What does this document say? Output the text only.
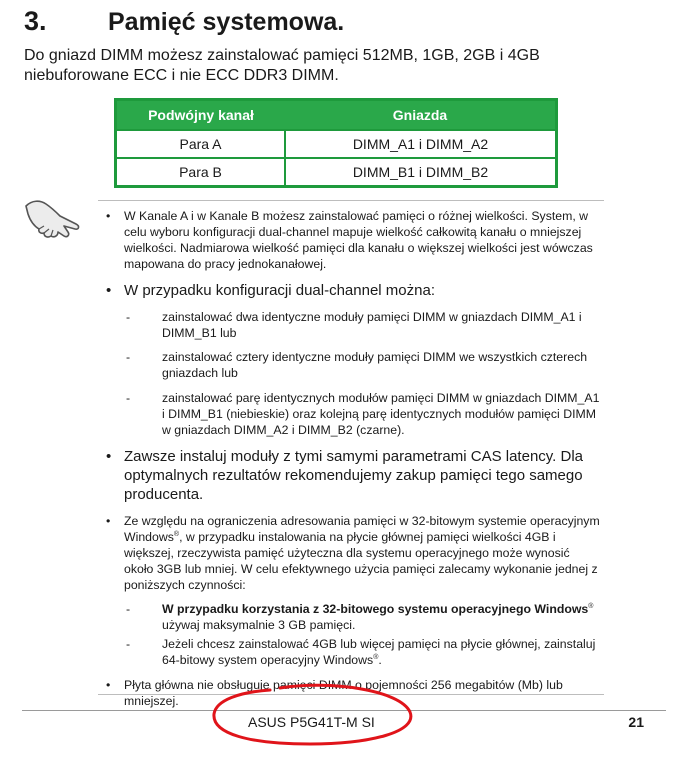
3.	Pamięć systemowa.
Do gniazd DIMM możesz zainstalować pamięci 512MB, 1GB, 2GB i 4GB niebuforowane ECC i nie ECC DDR3 DIMM.
Podwójny kanał	Gniazda
Para A	DIMM_A1 i DIMM_A2
Para B	DIMM_B1 i DIMM_B2
• W Kanale A i w Kanale B możesz zainstalować pamięci o różnej wielkości. System, w celu wyboru konfiguracji dual-channel mapuje wielkość całkowitą kanału o mniejszej wielkości. Nadmiarowa wielkość pamięci dla kanału o większej wielkości jest wówczas mapowana do pracy jednokanałowej.
• W przypadku konfiguracji dual-channel można:
-	zainstalować dwa identyczne moduły pamięci DIMM w gniazdach DIMM_A1 i DIMM_B1 lub
-	zainstalować cztery identyczne moduły pamięci DIMM we wszystkich czterech gniazdach lub
-	zainstalować parę identycznych modułów pamięci DIMM w gniazdach DIMM_A1 i DIMM_B1 (niebieskie) oraz kolejną parę identycznych modułów pamięci DIMM w gniazdach DIMM_A2 i DIMM_B2 (czarne).
• Zawsze instaluj moduły z tymi samymi parametrami CAS latency. Dla optymalnych rezultatów rekomendujemy zakup pamięci tego samego producenta.
• Ze względu na ograniczenia adresowania pamięci w 32-bitowym systemie operacyjnym Windows®, w przypadku instalowania na płycie głównej pamięci wielkości 4GB i większej, rzeczywista pamięć użyteczna dla systemu operacyjnego może wynosić około 3GB lub mniej. W celu efektywnego użycia pamięci zalecamy wykonanie jednej z poniższych czynności:
-	W przypadku korzystania z 32-bitowego systemu operacyjnego Windows® używaj maksymalnie 3 GB pamięci.
-	Jeżeli chcesz zainstalować 4GB lub więcej pamięci na płycie głównej, zainstaluj 64-bitowy system operacyjny Windows®.
• Płyta główna nie obsługuje pamięci DIMM o pojemności 256 megabitów (Mb) lub mniejszej.
ASUS P5G41T-M SI	21
